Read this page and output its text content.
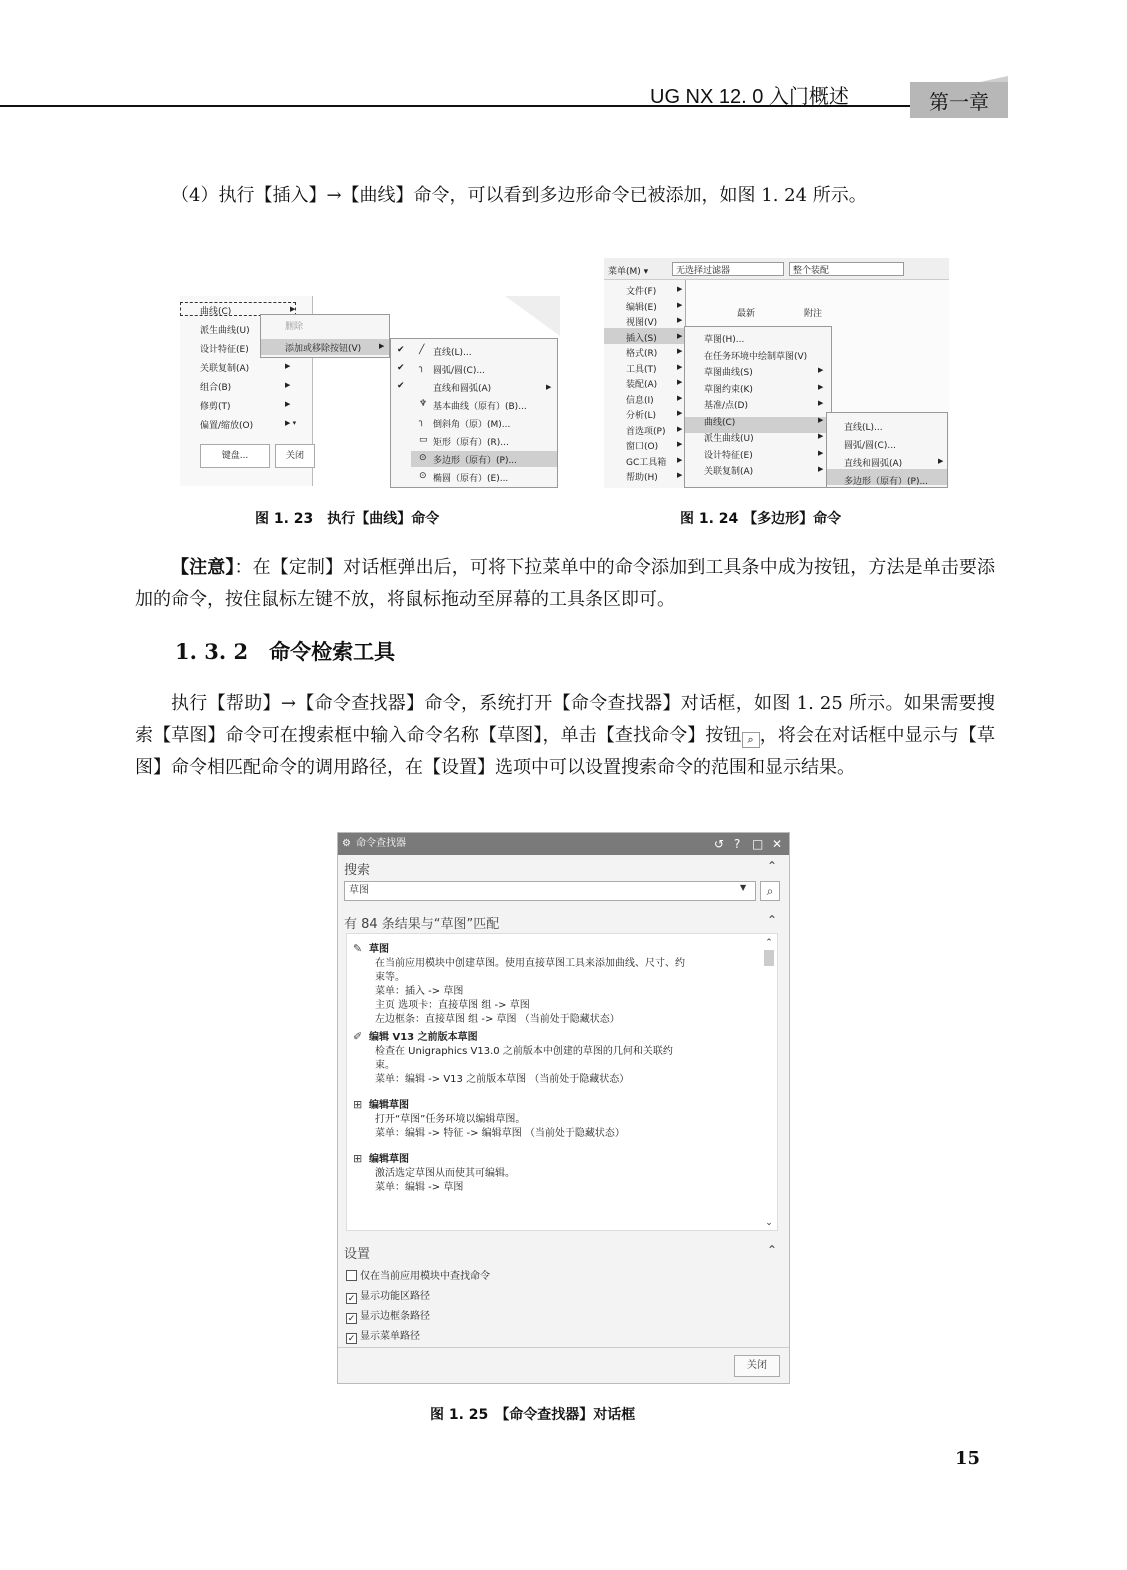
UG NX 12. 0 入门概述	第一章
（4）执行【插入】→【曲线】命令，可以看到多边形命令已被添加，如图 1. 24 所示。
曲线(C)
派生曲线(U)
设计特征(E)
关联复制(A)
组合(B)
修剪(T)
偏置/缩放(O)
▶
▶
▶
▶
▶ ▾
键盘...	关闭
删除
添加或移除按钮(V)	▶ ✔
✔
✔
╱
╮
♆
╮
▭
⊙
⊙
直线(L)...
圆弧/圆(C)...
直线和圆弧(A)
基本曲线（原有）(B)...
倒斜角（原）(M)...
矩形（原有）(R)...
多边形（原有）(P)...
椭圆（原有）(E)...
▶
图 1. 23　执行【曲线】命令
菜单(M) ▾	无选择过滤器	整个装配
最新	附注
文件(F)	▶
编辑(E)	▶
视图(V)	▶
插入(S)	▶
格式(R)	▶
工具(T)	▶
装配(A)	▶
信息(I)	▶
分析(L)	▶
首选项(P) ▶
窗口(O)	▶
GC工具箱 ▶
帮助(H)	▶
草图(H)...
在任务环境中绘制草图(V)
草图曲线(S)	▶
草图约束(K)	▶
基准/点(D)	▶
曲线(C)	▶
派生曲线(U)	▶
设计特征(E)	▶
关联复制(A)	▶
直线(L)...
圆弧/圆(C)...
直线和圆弧(A)	▶
多边形（原有）(P)...
图 1. 24 【多边形】命令
【注意】：在【定制】对话框弹出后，可将下拉菜单中的命令添加到工具条中成为按钮，方法是单击要添加的命令，按住鼠标左键不放，将鼠标拖动至屏幕的工具条区即可。
1. 3. 2　命令检索工具
执行【帮助】→【命令查找器】命令，系统打开【命令查找器】对话框，如图 1. 25 所示。如果需要搜索【草图】命令可在搜索框中输入命令名称【草图】，单击【查找命令】按钮 ⌕ ，将会在对话框中显示与【草图】命令相匹配命令的调用路径，在【设置】选项中可以设置搜索命令的范围和显示结果。
命令查找器
⚙	↺ ? □ ✕
搜索	⌃
草图	▼	⌕
有 84 条结果与“草图”匹配	⌃
✎ 草图
在当前应用模块中创建草图。使用直接草图工具来添加曲线、尺寸、约
束等。
菜单：插入 -> 草图
主页 选项卡：直接草图 组 -> 草图
左边框条：直接草图 组 -> 草图 （当前处于隐藏状态）
✐ 编辑 V13 之前版本草图
检查在 Unigraphics V13.0 之前版本中创建的草图的几何和关联约
束。
菜单：编辑 -> V13 之前版本草图 （当前处于隐藏状态）
⊞ 编辑草图
打开“草图”任务环境以编辑草图。
菜单：编辑 -> 特征 -> 编辑草图 （当前处于隐藏状态）
⊞ 编辑草图
激活选定草图从而使其可编辑。
菜单：编辑 -> 草图
⌃
⌄
设置	⌃
仅在当前应用模块中查找命令
✓ 显示功能区路径
✓ 显示边框条路径
✓ 显示菜单路径
关闭
图 1. 25　【命令查找器】对话框
15
